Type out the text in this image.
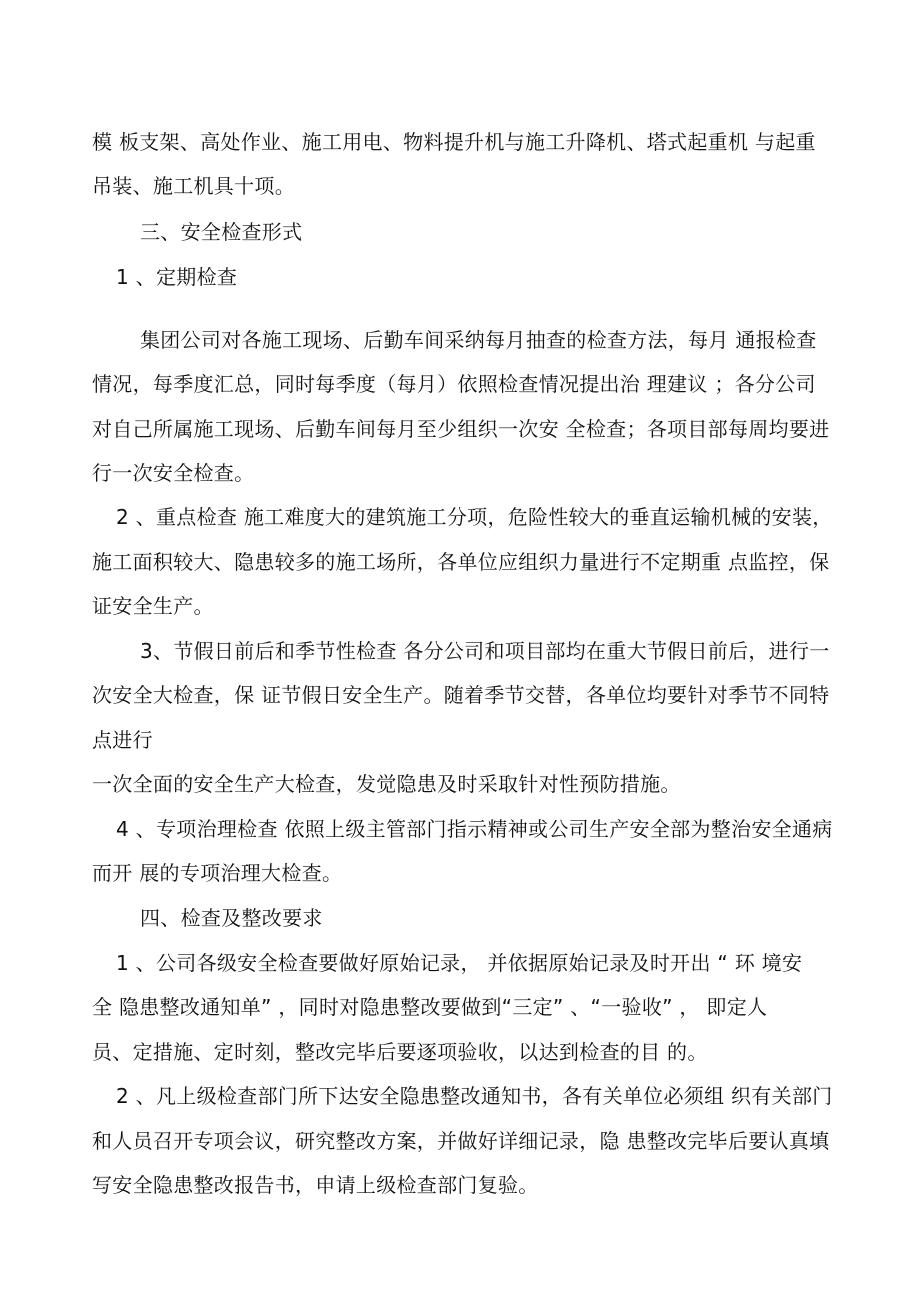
模 板支架、高处作业、施工用电、物料提升机与施工升降机、塔式起重机 与起重
吊装、施工机具十项。
三、安全检查形式
1 、定期检查
集团公司对各施工现场、后勤车间采纳每月抽查的检查方法，每月 通报检查
情况，每季度汇总，同时每季度（每月）依照检查情况提出治 理建议 ；各分公司
对自己所属施工现场、后勤车间每月至少组织一次安 全检查；各项目部每周均要进
行一次安全检查。
2 、重点检查 施工难度大的建筑施工分项，危险性较大的垂直运输机械的安装，
施工面积较大、隐患较多的施工场所，各单位应组织力量进行不定期重 点监控，保
证安全生产。
3、节假日前后和季节性检查 各分公司和项目部均在重大节假日前后，进行一
次安全大检查，保 证节假日安全生产。随着季节交替，各单位均要针对季节不同特
点进行
一次全面的安全生产大检查，发觉隐患及时采取针对性预防措施。
4 、专项治理检查 依照上级主管部门指示精神或公司生产安全部为整治安全通病
而开 展的专项治理大检查。
四、检查及整改要求
1 、公司各级安全检查要做好原始记录， 并依据原始记录及时开出 “ 环 境安
全 隐患整改通知单” ，同时对隐患整改要做到“三定” 、“一验收” ， 即定人
员、定措施、定时刻，整改完毕后要逐项验收，以达到检查的目 的。
2 、凡上级检查部门所下达安全隐患整改通知书，各有关单位必须组 织有关部门
和人员召开专项会议，研究整改方案，并做好详细记录，隐 患整改完毕后要认真填
写安全隐患整改报告书，申请上级检查部门复验。
